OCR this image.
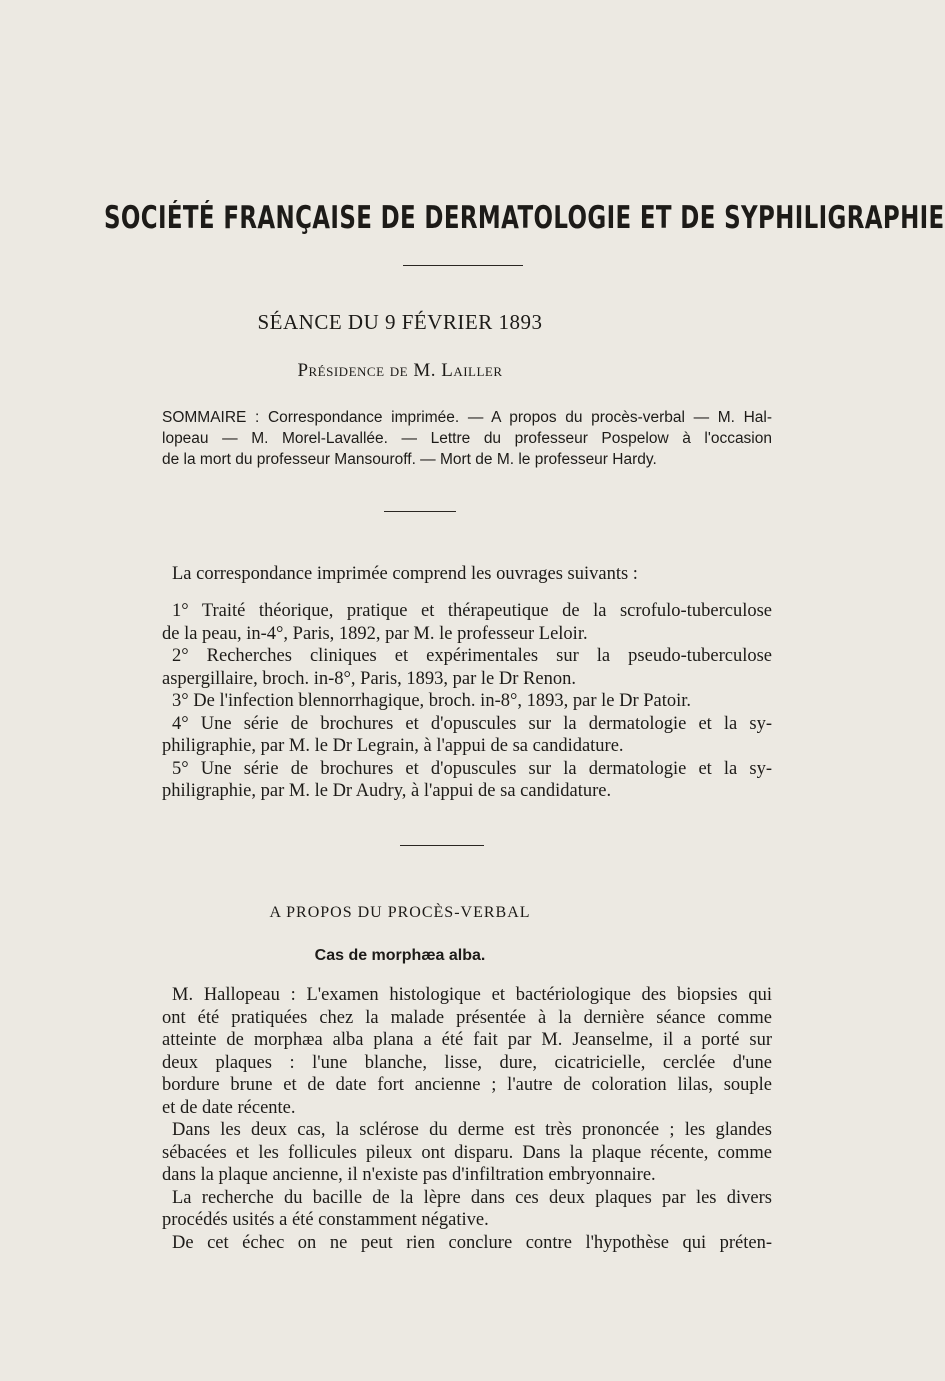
SOCIÉTÉ FRANÇAISE DE DERMATOLOGIE ET DE SYPHILIGRAPHIE
SÉANCE DU 9 FÉVRIER 1893
Présidence de M. Lailler
SOMMAIRE : Correspondance imprimée. — A propos du procès-verbal — M. Hal-
lopeau — M. Morel-Lavallée. — Lettre du professeur Pospelow à l'occasion
de la mort du professeur Mansouroff. — Mort de M. le professeur Hardy.
La correspondance imprimée comprend les ouvrages suivants :
1° Traité théorique, pratique et thérapeutique de la scrofulo-tuberculose
de la peau, in-4°, Paris, 1892, par M. le professeur Leloir.
2° Recherches cliniques et expérimentales sur la pseudo-tuberculose
aspergillaire, broch. in-8°, Paris, 1893, par le Dr Renon.
3° De l'infection blennorrhagique, broch. in-8°, 1893, par le Dr Patoir.
4° Une série de brochures et d'opuscules sur la dermatologie et la sy-
philigraphie, par M. le Dr Legrain, à l'appui de sa candidature.
5° Une série de brochures et d'opuscules sur la dermatologie et la sy-
philigraphie, par M. le Dr Audry, à l'appui de sa candidature.
A PROPOS DU PROCÈS-VERBAL
Cas de morphæa alba.
M. Hallopeau : L'examen histologique et bactériologique des biopsies qui
ont été pratiquées chez la malade présentée à la dernière séance comme
atteinte de morphæa alba plana a été fait par M. Jeanselme, il a porté sur
deux plaques : l'une blanche, lisse, dure, cicatricielle, cerclée d'une
bordure brune et de date fort ancienne ; l'autre de coloration lilas, souple
et de date récente.
Dans les deux cas, la sclérose du derme est très prononcée ; les glandes
sébacées et les follicules pileux ont disparu. Dans la plaque récente, comme
dans la plaque ancienne, il n'existe pas d'infiltration embryonnaire.
La recherche du bacille de la lèpre dans ces deux plaques par les divers
procédés usités a été constamment négative.
De cet échec on ne peut rien conclure contre l'hypothèse qui préten-
